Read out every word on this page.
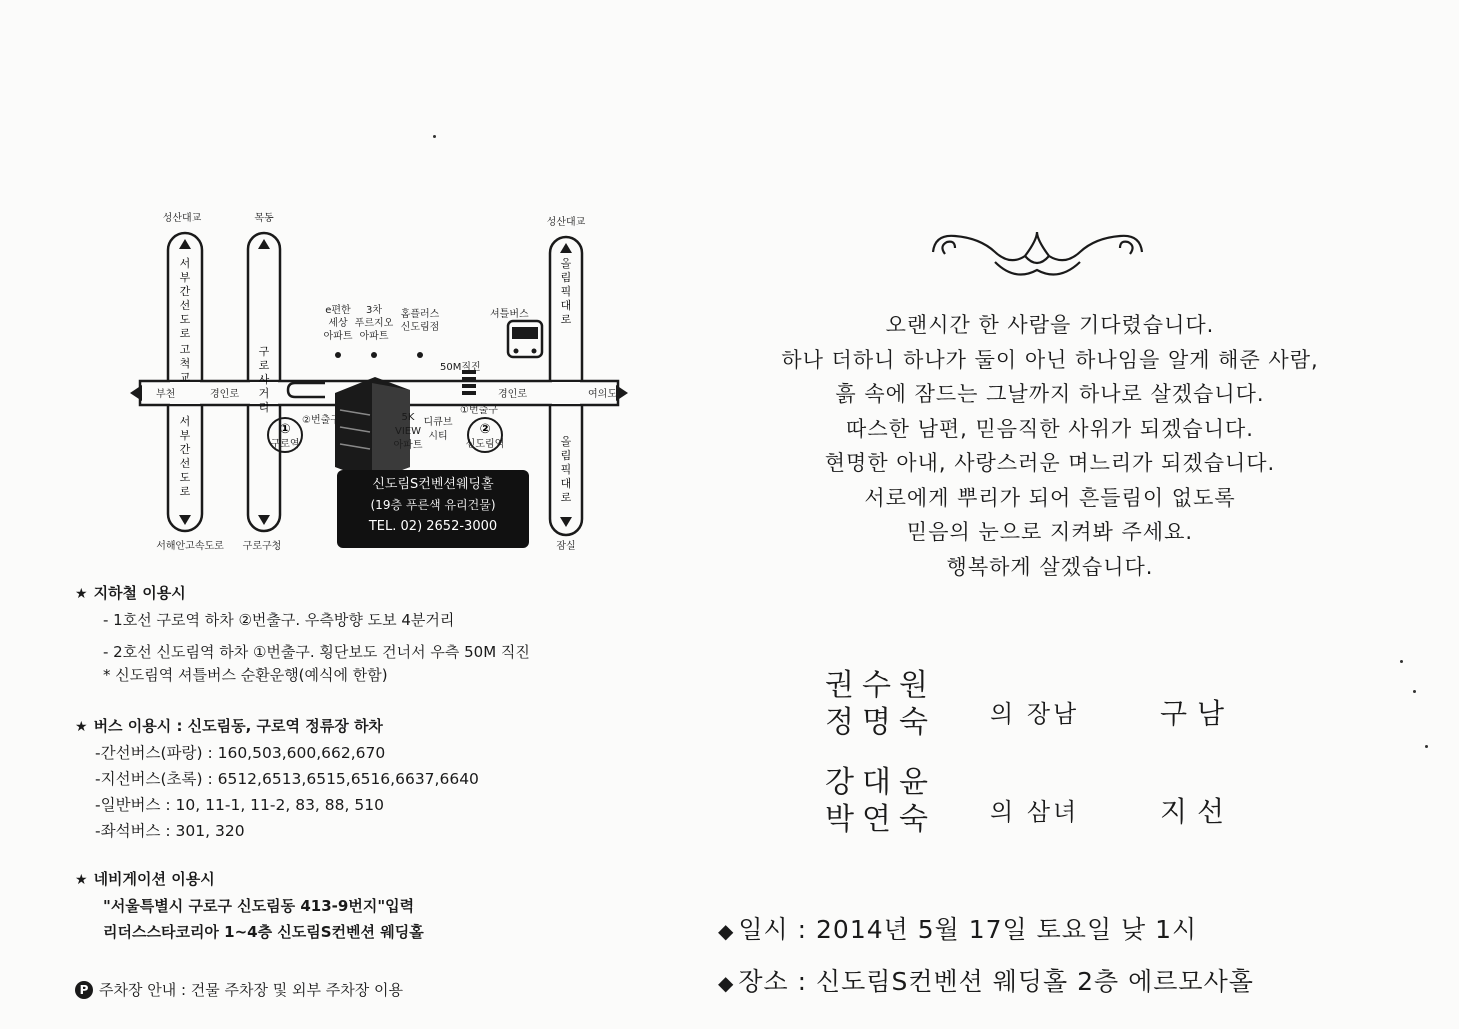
①
구로역
②
신도림역
성산대교	목동	성산대교
서해안고속도로 구로구청	잠실
부천	경인로	경인로	여의도
②번출구
①번출구
50M직진
셔틀버스
e편한 세상 아파트
3차 푸르지오 아파트
홈플러스 신도림점
5K VIEW 아파트
디큐브 시티
서 부 간 선 도 로
고 척 교
서 부 간 선 도 로
구 로 사 거 리
올 림 픽 대 로
올 림 픽 대 로
신도림S컨벤션웨딩홀
(19층 푸른색 유리건물)
TEL. 02) 2652-3000
★ 지하철 이용시
- 1호선 구로역 하차 ②번출구. 우측방향 도보 4분거리
- 2호선 신도림역 하차 ①번출구. 횡단보도 건너서 우측 50M 직진
* 신도림역 셔틀버스 순환운행(예식에 한함)
★ 버스 이용시 : 신도림동, 구로역 정류장 하차
-간선버스(파랑) : 160,503,600,662,670
-지선버스(초록) : 6512,6513,6515,6516,6637,6640
-일반버스 : 10, 11-1, 11-2, 83, 88, 510
-좌석버스 : 301, 320
★ 네비게이션 이용시
"서울특별시 구로구 신도림동 413-9번지"입력
리더스스타코리아 1~4층 신도림S컨벤션 웨딩홀
P 주차장 안내 : 건물 주차장 및 외부 주차장 이용
오랜시간 한 사람을 기다렸습니다.
하나 더하니 하나가 둘이 아닌 하나임을 알게 해준 사람,
흙 속에 잠드는 그날까지 하나로 살겠습니다.
따스한 남편, 믿음직한 사위가 되겠습니다.
현명한 아내, 사랑스러운 며느리가 되겠습니다.
서로에게 뿌리가 되어 흔들림이 없도록
믿음의 눈으로 지켜봐 주세요.
행복하게 살겠습니다.
권수원
정명숙 의 장남	구남
강대윤
박연숙 의 삼녀	지선
◆ 일시 : 2014년 5월 17일 토요일 낮 1시
◆ 장소 : 신도림S컨벤션 웨딩홀 2층 에르모사홀
